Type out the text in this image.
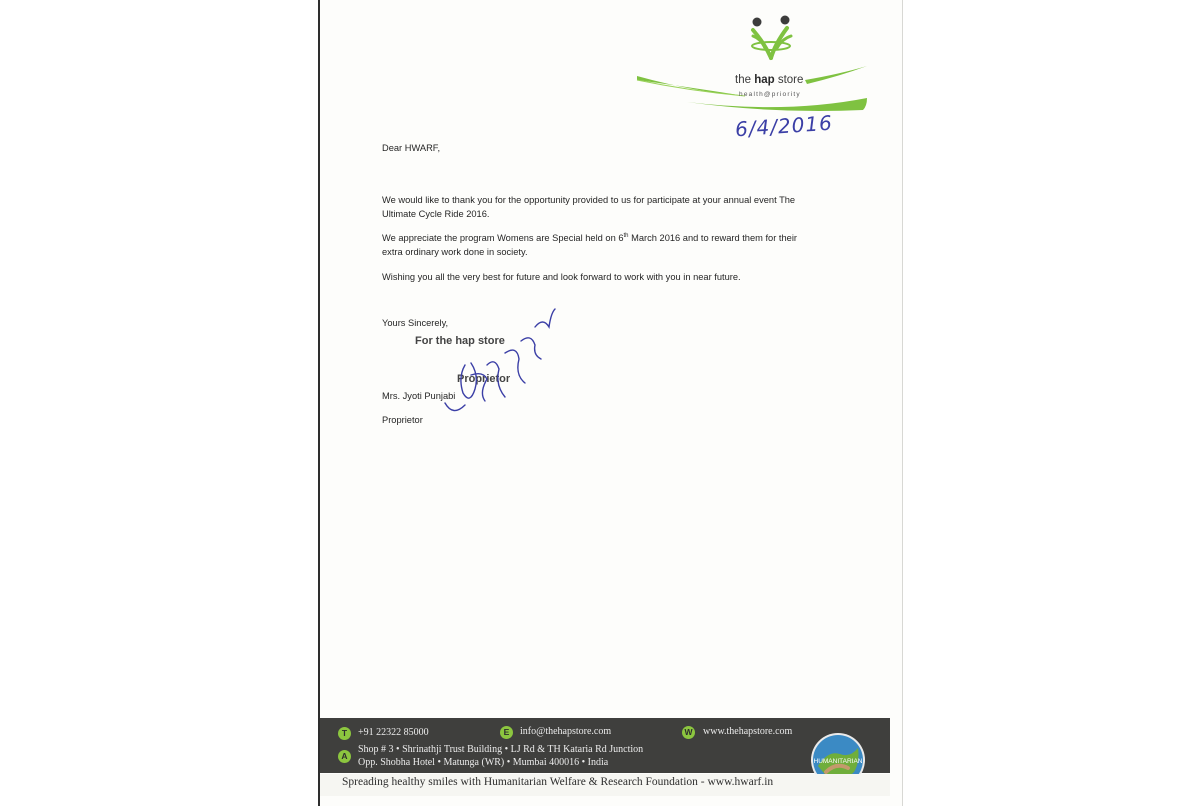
the hap store
health@priority
6/4/2016
Dear HWARF,
We would like to thank you for the opportunity provided to us for participate at your annual event The Ultimate Cycle Ride 2016.
We appreciate the program Womens are Special held on 6th March 2016 and to reward them for their extra ordinary work done in society.
Wishing you all the very best for future and look forward to work with you in near future.
Yours Sincerely,
For the hap store
Proprietor
Mrs. Jyoti Punjabi
Proprietor
T	+91 22322 85000	E	info@thehapstore.com	W www.thehapstore.com
A
Shop # 3 • Shrinathji Trust Building • LJ Rd & TH Kataria Rd Junction
Opp. Shobha Hotel • Matunga (WR) • Mumbai 400016 • India	HUMANITARIAN
Spreading healthy smiles with Humanitarian Welfare & Research Foundation - www.hwarf.in
